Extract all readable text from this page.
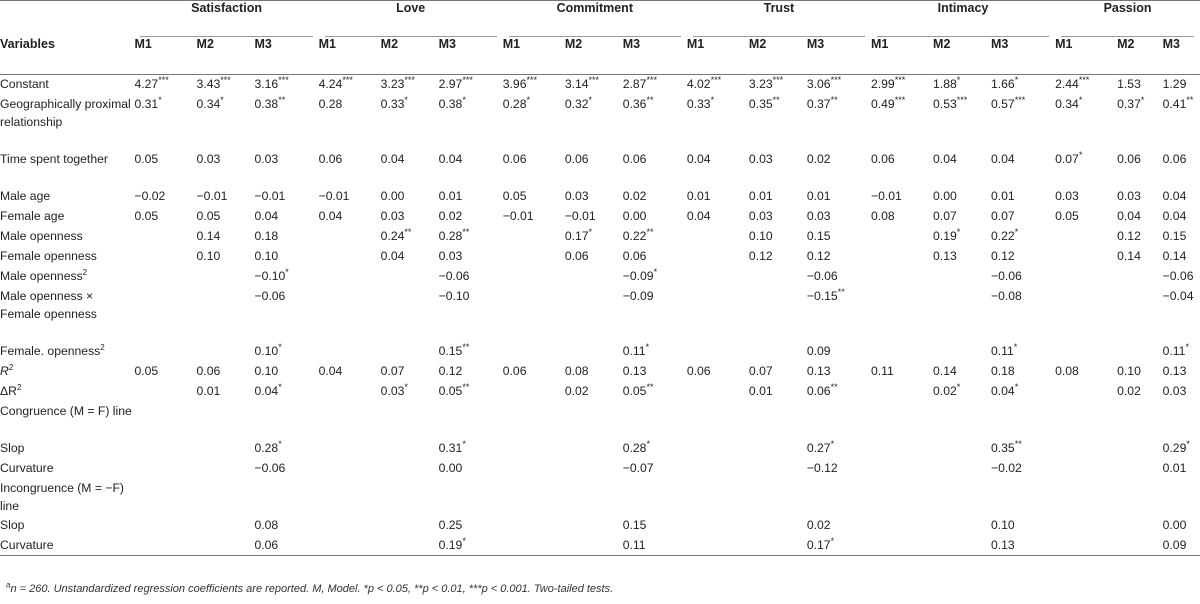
	Satisfaction			Love			Commitment			Trust			Intimacy			Passion		
Variables	M1	M2	M3	M1	M2	M3	M1	M2	M3	M1	M2	M3	M1	M2	M3	M1	M2	M3
Constant	4.27***	3.43***	3.16***	4.24***	3.23***	2.97***	3.96***	3.14***	2.87***	4.02***	3.23***	3.06***	2.99***	1.88*	1.66*	2.44***	1.53	1.29
Geographically proximal relationship	0.31*	0.34*	0.38**	0.28	0.33*	0.38*	0.28*	0.32*	0.36**	0.33*	0.35**	0.37**	0.49***	0.53***	0.57***	0.34*	0.37*	0.41**
Time spent together	0.05	0.03	0.03	0.06	0.04	0.04	0.06	0.06	0.06	0.04	0.03	0.02	0.06	0.04	0.04	0.07*	0.06	0.06
Male age	−0.02	−0.01	−0.01	−0.01	0.00	0.01	0.05	0.03	0.02	0.01	0.01	0.01	−0.01	0.00	0.01	0.03	0.03	0.04
Female age	0.05	0.05	0.04	0.04	0.03	0.02	−0.01	−0.01	0.00	0.04	0.03	0.03	0.08	0.07	0.07	0.05	0.04	0.04
Male openness		0.14	0.18		0.24**	0.28**		0.17*	0.22**		0.10	0.15		0.19*	0.22*		0.12	0.15
Female openness		0.10	0.10		0.04	0.03		0.06	0.06		0.12	0.12		0.13	0.12		0.14	0.14
Male openness$^2$			−0.10*			−0.06			−0.09*			−0.06			−0.06			−0.06
Male openness × Female openness			−0.06			−0.10			−0.09			−0.15**			−0.08			−0.04
Female. openness$^2$			0.10*			0.15**			0.11*			0.09			0.11*			0.11*
$R^2$	0.05	0.06	0.10	0.04	0.07	0.12	0.06	0.08	0.13	0.06	0.07	0.13	0.11	0.14	0.18	0.08	0.10	0.13
$\Delta R^2$		0.01	0.04*		0.03*	0.05**		0.02	0.05**		0.01	0.06**		0.02*	0.04*		0.02	0.03
Congruence (M = F) line																		
Slop			0.28*			0.31*			0.28*			0.27*			0.35**			0.29*
Curvature			−0.06			0.00			−0.07			−0.12			−0.02			0.01
Incongruence (M = −F) line																		
Slop			0.08			0.25			0.15			0.02			0.10			0.00
Curvature			0.06			0.19*			0.11			0.17*			0.13			0.09
$^a$n = 260. Unstandardized regression coefficients are reported. M, Model. *p < 0.05, **p < 0.01, ***p < 0.001. Two-tailed tests.
